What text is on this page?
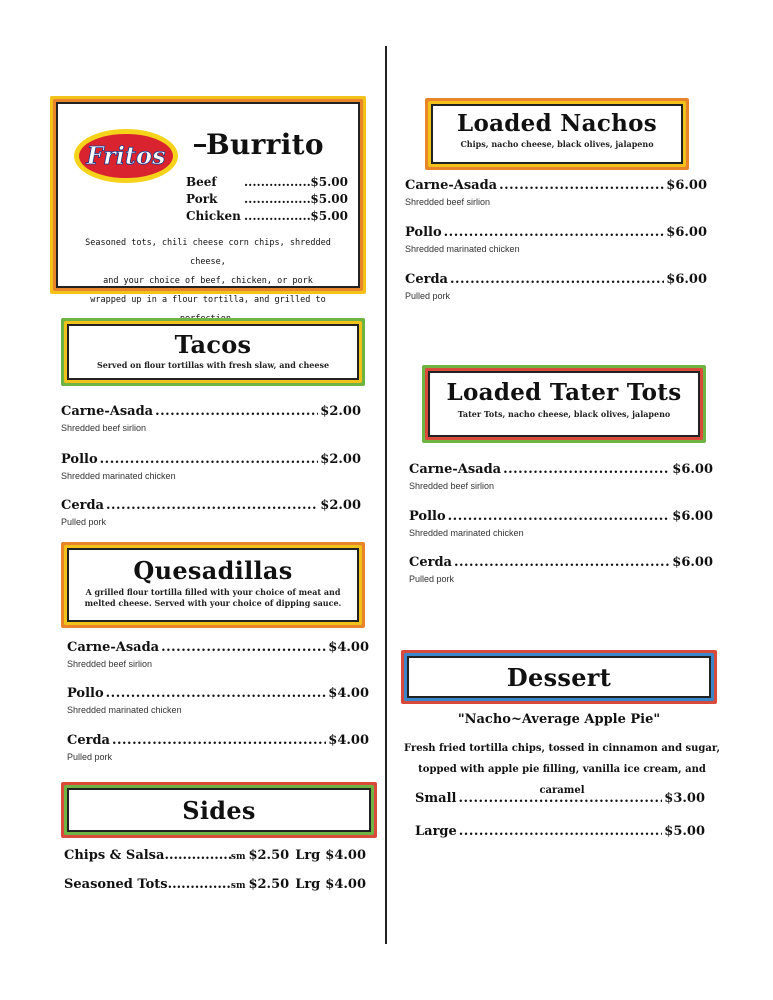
Fritos Burrito
Beef .....	$5.00
Pork .....	$5.00
Chicken .....	$5.00
Seasoned tots, chili cheese corn chips, shredded cheese,
and your choice of beef, chicken, or pork
wrapped up in a flour tortilla, and grilled to
Tacos
Served on flour tortillas with fresh slaw, and cheese
Carne-Asada .....	$2.00
Shredded beef sirlion
Pollo .....	$2.00
Shredded marinated chicken
Cerda .....	$2.00
Pulled pork
Quesadillas
A grilled flour tortilla filled with your choice of meat and
melted cheese. Served with your choice of dipping sauce.
Carne-Asada .....	$4.00
Shredded beef sirlion
Pollo .....	$4.00
Shredded marinated chicken
Cerda .....	$4.00
Pulled pork
Sides
Chips & Salsa .....	sm $2.50 Lrg $4.00
Seasoned Tots .....	sm $2.50 Lrg $4.00
Loaded Nachos
Chips, nacho cheese, black olives, jalapeno
Carne-Asada .....	$6.00
Shredded beef sirlion
Pollo .....	$6.00
Shredded marinated chicken
Cerda .....	$6.00
Pulled pork
Loaded Tater Tots
Tater Tots, nacho cheese, black olives, jalapeno
Carne-Asada .....	$6.00
Shredded beef sirlion
Pollo .....	$6.00
Shredded marinated chicken
Cerda .....	$6.00
Pulled pork
Dessert
"Nacho~Average Apple Pie"
Fresh fried tortilla chips, tossed in cinnamon and sugar,
topped with apple pie filling, vanilla ice cream, and caramel
Small .....	$3.00
Large .....	$5.00
